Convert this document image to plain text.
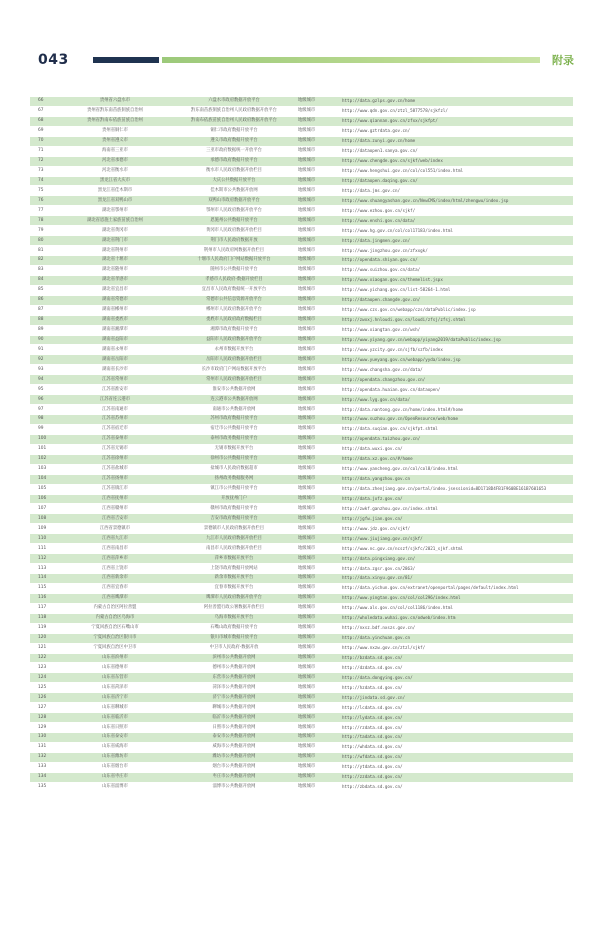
043	附录
66	贵州省六盘水市	六盘水市政府数据开放平台	地级城市	http://data.gzlps.gov.cn/home
67	贵州省黔东南苗族侗族自治州	黔东南苗族侗族自治州人民政府数据开放平台	地级城市	http://www.qdn.gov.cn/ztzl_5877578/sjkfzl/
68	贵州省黔南布依族苗族自治州	黔南布依族苗族自治州人民政府数据开放平台	地级城市	http://www.qiannan.gov.cn/zfxx/sjkfpt/
69	贵州省铜仁市	铜仁市政府数据开放平台	地级城市	http://www.gztrdata.gov.cn/
70	贵州省遵义市	遵义市政府数据开放平台	地级城市	http://data.zunyi.gov.cn/home
71	海南省三亚市	三亚市政府数据统一开放平台	地级城市	http://dataopen1.sanya.gov.cn/
72	河北省承德市	承德市政府数据开放平台	地级城市	http://www.chengde.gov.cn/sjkf/web/index
73	河北省衡水市	衡水市人民政府数据开放栏目	地级城市	http://www.hengshui.gov.cn/col/col551/index.html
74	黑龙江省大庆市	大庆公共数据开放平台	地级城市	http://dataopen.daqing.gov.cn/
75	黑龙江省佳木斯市	佳木斯市公共数据开放网	地级城市	http://data.jms.gov.cn/
76	黑龙江省双鸭山市	双鸭山市政府数据开放平台	地级城市	http://www.shuangyashan.gov.cn/NewCMS/index/html/zhengwu/index.jsp
77	湖北省鄂州市	鄂州市人民政府数据开放平台	地级城市	http://www.ezhou.gov.cn/sjkf/
78	湖北省恩施土家族苗族自治州	恩施州公共数据开放平台	地级城市	http://www.enshi.gov.cn/data/
79	湖北省黄冈市	黄冈市人民政府数据开放栏目	地级城市	http://www.hg.gov.cn/col/col17183/index.html
80	湖北省荆门市	荆门市人民政府数据开放	地级城市	http://data.jingmen.gov.cn/
81	湖北省荆州市	荆州市人民政府网数据开放栏目	地级城市	http://www.jingzhou.gov.cn/zfxxgk/
82	湖北省十堰市	十堰市人民政府门户网站数据开放平台	地级城市	http://opendata.shiyan.gov.cn/
83	湖北省随州市	随州市公共数据开放平台	地级城市	http://www.suizhou.gov.cn/data/
84	湖北省孝感市	孝感市人民政府-数据开放栏目	地级城市	http://www.xiaogan.gov.cn/themelist.jspx
85	湖北省宜昌市	宜昌市人民政府数据统一开放平台	地级城市	http://www.yichang.gov.cn/list-58264-1.html
86	湖南省常德市	常德市公共信息资源开放平台	地级城市	http://dataopen.changde.gov.cn/
87	湖南省郴州市	郴州市人民政府数据开放平台	地级城市	http://www.czs.gov.cn/webapp/czs/dataPublic/index.jsp
88	湖南省娄底市	娄底市人民政府政府数据栏目	地级城市	http://zwxxj.hnloudi.gov.cn/loudi/zfsj/zfsj.shtml
89	湖南省湘潭市	湘潭市政府数据开放平台	地级城市	http://www.xiangtan.gov.cn/wsh/
90	湖南省益阳市	益阳市人民政府数据开放平台	地级城市	http://www.yiyang.gov.cn/webapp/yiyang2019/dataPublic/index.jsp
91	湖南省永州市	永州市数据开放平台	地级城市	http://www.yzcity.gov.cn/sjfb/szfb/index
92	湖南省岳阳市	岳阳市人民政府数据开放栏目	地级城市	http://www.yueyang.gov.cn/webapp/yyda/index.jsp
93	湖南省长沙市	长沙市政府门户网站数据开放平台	地级城市	http://www.changsha.gov.cn/data/
94	江苏省常州市	常州市人民政府数据开放栏目	地级城市	http://opendata.changzhou.gov.cn/
95	江苏省淮安市	淮安市公共数据开放网	地级城市	http://opendata.huaian.gov.cn/dataopen/
96	江苏省连云港市	连云港市公共数据开放网	地级城市	http://www.lyg.gov.cn/data/
97	江苏省南通市	南通市公共数据开放网	地级城市	http://data.nantong.gov.cn/home/index.html#/home
98	江苏省苏州市	苏州市政府数据开放平台	地级城市	http://www.suzhou.gov.cn/OpenResource/web/home
99	江苏省宿迁市	宿迁市公共数据开放平台	地级城市	http://data.suqian.gov.cn/sjkfpt.shtml
100	江苏省泰州市	泰州市政务数据开放平台	地级城市	http://opendata.taizhou.gov.cn/
101	江苏省无锡市	无锡市数据开放平台	地级城市	http://data.wuxi.gov.cn/
102	江苏省徐州市	徐州市公共数据开放平台	地级城市	http://data.xz.gov.cn/#/home
103	江苏省盐城市	盐城市人民政府数据超市	地级城市	http://www.yancheng.gov.cn/col/col8/index.html
104	江苏省扬州市	扬州政务数据服务网	地级城市	http://data.yangzhou.gov.cn
105	江苏省镇江市	镇江市公共数据开放平台	地级城市	http://data.zhenjiang.gov.cn/portal/index.jsessionid=8D1718D4FB1F960BE161B7601653
106	江西省抚州市	开放抚州门户	地级城市	http://data.jxfz.gov.cn/
107	江西省赣州市	赣州市政府数据开放平台	地级城市	http://zwkf.ganzhou.gov.cn/index.shtml
108	江西省吉安市	吉安市政府数据开放平台	地级城市	http://jgfw.jian.gov.cn/
109	江西省景德镇市	景德镇市人民政府数据开放栏目	地级城市	http://www.jdz.gov.cn/sjkf/
110	江西省九江市	九江市人民政府数据开放栏目	地级城市	http://www.jiujiang.gov.cn/sjkf/
111	江西省南昌市	南昌市人民政府数据开放栏目	地级城市	http://www.nc.gov.cn/ncszf/sjkfc/2021_sjkf.shtml
112	江西省萍乡市	萍乡市数据开放平台	地级城市	http://data.pingxiang.gov.cn/
113	江西省上饶市	上饶市政府数据开放网站	地级城市	http://data.zgsr.gov.cn/2863/
114	江西省新余市	新余市数据开放平台	地级城市	http://data.xinyu.gov.cn/81/
115	江西省宜春市	宜春市数据开放平台	地级城市	http://data.yichun.gov.cn/extranet/openportal/pages/default/index.html
116	江西省鹰潭市	鹰潭市人民政府数据开放平台	地级城市	http://www.yingtan.gov.cn/col/col296/index.html
117	内蒙古自治区阿拉善盟	阿拉善盟行政公署数据开放栏目	地级城市	http://www.als.gov.cn/col/col1186/index.html
118	内蒙古自治区乌海市	乌海市数据开放平台	地级城市	http://wholedata.wuhai.gov.cn/odweb/index.htm
119	宁夏回族自治区石嘴山市	石嘴山政府数据开放平台	地级城市	http://nxsz.bdf.nxszs.gov.cn/
120	宁夏回族自治区银川市	银川市城市数据开放平台	地级城市	http://data.yinchuan.gov.cn
121	宁夏回族自治区中卫市	中卫市人民政府-数据开放	地级城市	http://www.nxzw.gov.cn/ztzl/sjkf/
122	山东省滨州市	滨州市公共数据开放网	地级城市	http://bzdata.sd.gov.cn/
123	山东省德州市	德州市公共数据开放网	地级城市	http://dzdata.sd.gov.cn/
124	山东省东营市	东营市公共数据开放网	地级城市	http://data.dongying.gov.cn/
125	山东省菏泽市	菏泽市公共数据开放网	地级城市	http://hzdata.sd.gov.cn/
126	山东省济宁市	济宁市公共数据开放网	地级城市	http://jindata.sd.gov.cn/
127	山东省聊城市	聊城市公共数据开放网	地级城市	http://lcdata.sd.gov.cn/
128	山东省临沂市	临沂市公共数据开放网	地级城市	http://lydata.sd.gov.cn/
129	山东省日照市	日照市公共数据开放网	地级城市	http://rzdata.sd.gov.cn/
130	山东省泰安市	泰安市公共数据开放网	地级城市	http://tadata.sd.gov.cn/
131	山东省威海市	威海市公共数据开放网	地级城市	http://whdata.sd.gov.cn/
132	山东省潍坊市	潍坊市公共数据开放网	地级城市	http://wfdata.sd.gov.cn/
133	山东省烟台市	烟台市公共数据开放网	地级城市	http://ytdata.sd.gov.cn/
134	山东省枣庄市	枣庄市公共数据开放网	地级城市	http://zzdata.sd.gov.cn/
135	山东省淄博市	淄博市公共数据开放网	地级城市	http://zbdata.sd.gov.cn/
